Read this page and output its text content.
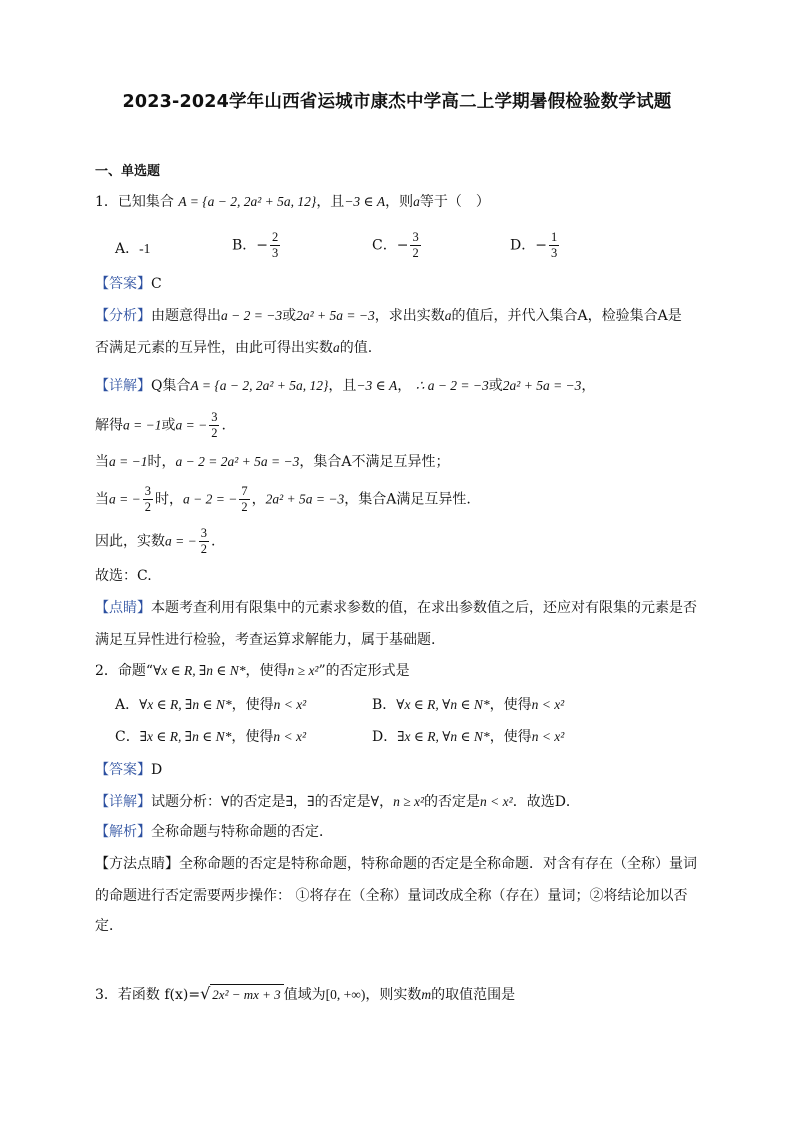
2023-2024学年山西省运城市康杰中学高二上学期暑假检验数学试题
一、单选题
1．已知集合 A = {a − 2, 2a² + 5a, 12}，且−3 ∈ A，则a等于（　）
A．-1	B．− $\frac{2}{3}$	C．− $\frac{3}{2}$	D．− $\frac{1}{3}$
【答案】C
【分析】由题意得出a − 2 = −3或2a² + 5a = −3，求出实数a的值后，并代入集合A，检验集合A是
否满足元素的互异性，由此可得出实数a的值.
【详解】Q集合A = {a − 2, 2a² + 5a, 12}，且−3 ∈ A， ∴ a − 2 = −3或2a² + 5a = −3，
解得a = −1或a = − $\frac{3}{2}$ .
当a = −1时，a − 2 = 2a² + 5a = −3，集合A不满足互异性；
当a = − $\frac{3}{2}$ 时，a − 2 = − $\frac{7}{2}$ ，2a² + 5a = −3，集合A满足互异性.
因此，实数a = − $\frac{3}{2}$ .
故选：C.
【点睛】本题考查利用有限集中的元素求参数的值，在求出参数值之后，还应对有限集的元素是否
满足互异性进行检验，考查运算求解能力，属于基础题.
2．命题“∀x ∈ R, ∃n ∈ N*，使得n ≥ x²”的否定形式是
A．∀x ∈ R, ∃n ∈ N*，使得n < x²	B．∀x ∈ R, ∀n ∈ N*，使得n < x²
C．∃x ∈ R, ∃n ∈ N*，使得n < x²	D．∃x ∈ R, ∀n ∈ N*，使得n < x²
【答案】D
【详解】试题分析：∀的否定是∃，∃的否定是∀，n ≥ x²的否定是n < x²．故选D．
【解析】全称命题与特称命题的否定．
【方法点睛】全称命题的否定是特称命题，特称命题的否定是全称命题．对含有存在（全称）量词
的命题进行否定需要两步操作： ①将存在（全称）量词改成全称（存在）量词；②将结论加以否
定．
3．若函数 f(x)=√ 2x² − mx + 3 值域为[0, +∞)，则实数m的取值范围是
